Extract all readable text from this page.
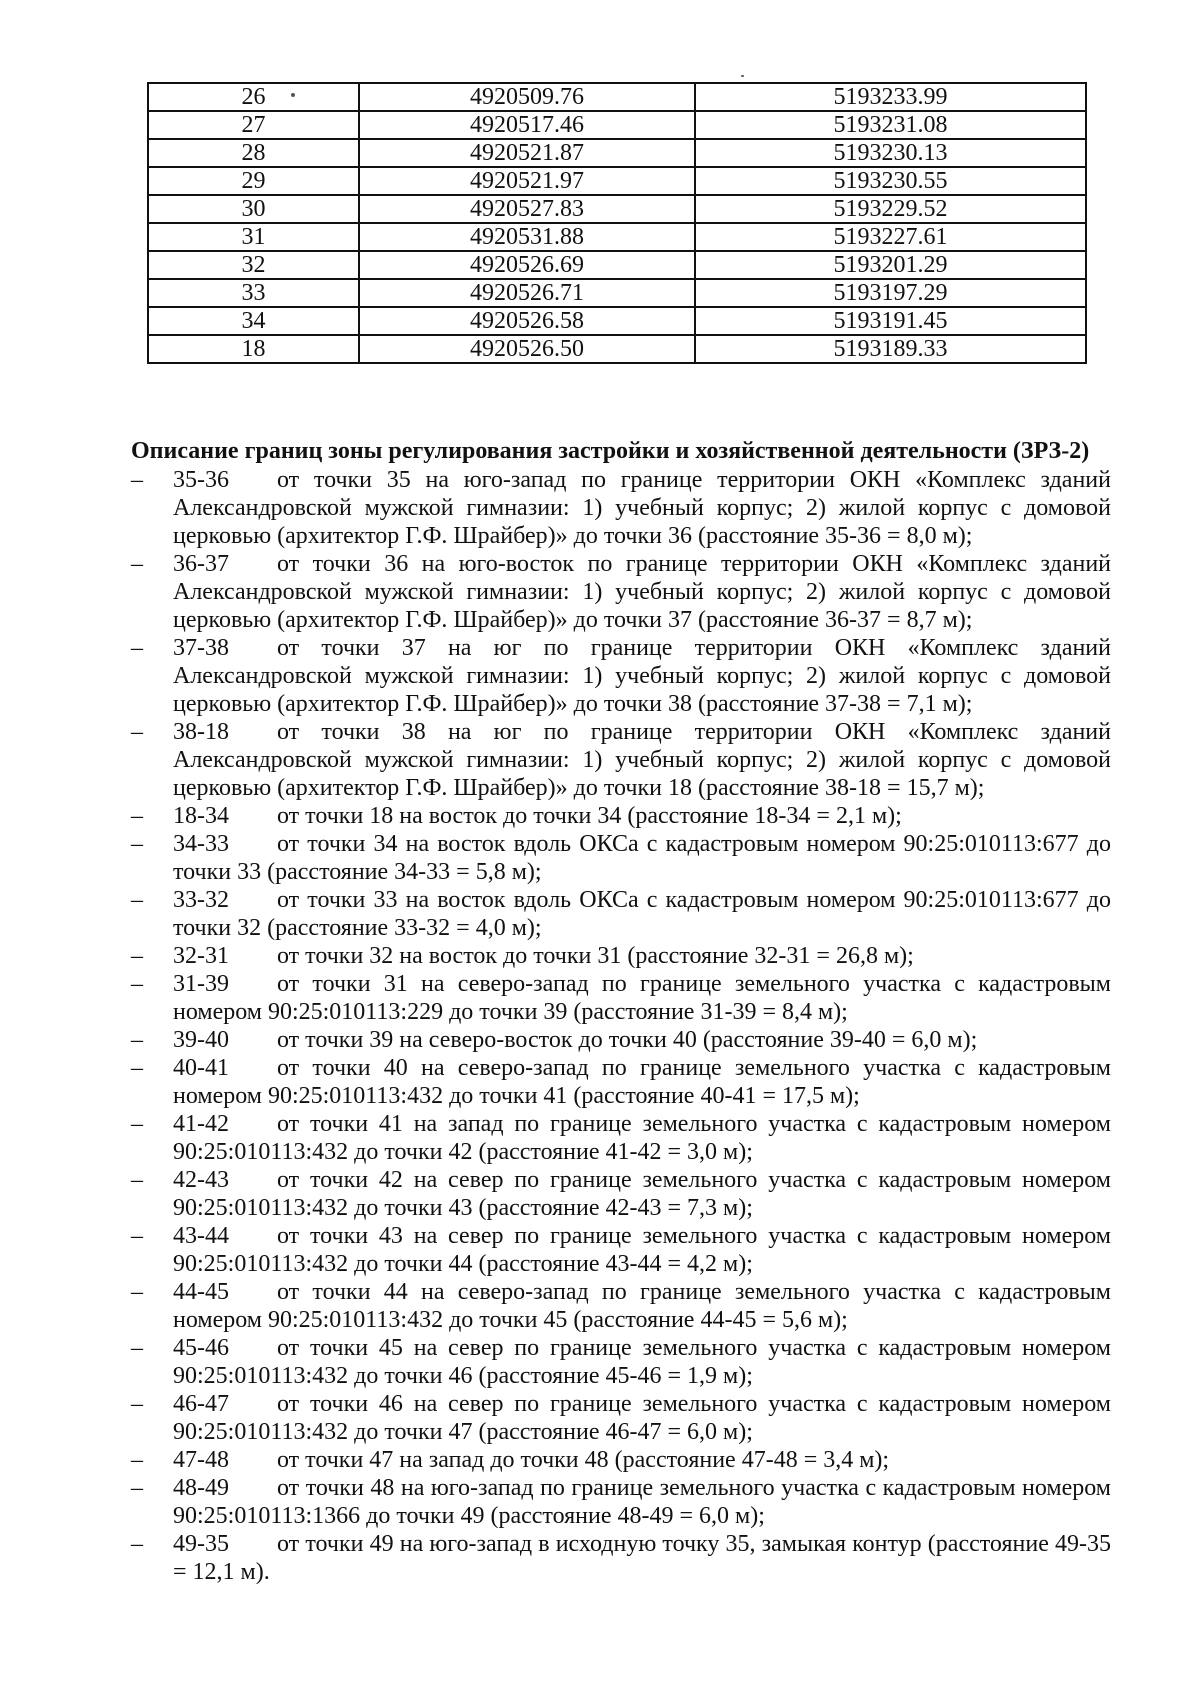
26	4920509.76	5193233.99
27	4920517.46	5193231.08
28	4920521.87	5193230.13
29	4920521.97	5193230.55
30	4920527.83	5193229.52
31	4920531.88	5193227.61
32	4920526.69	5193201.29
33	4920526.71	5193197.29
34	4920526.58	5193191.45
18	4920526.50	5193189.33
Описание границ зоны регулирования застройки и хозяйственной деятельности (ЗРЗ-2)
– 35-36 от точки 35 на юго-запад по границе территории ОКН «Комплекс зданий Александровской мужской гимназии: 1) учебный корпус; 2) жилой корпус с домовой церковью (архитектор Г.Ф. Шрайбер)» до точки 36 (расстояние 35-36 = 8,0 м);
– 36-37 от точки 36 на юго-восток по границе территории ОКН «Комплекс зданий Александровской мужской гимназии: 1) учебный корпус; 2) жилой корпус с домовой церковью (архитектор Г.Ф. Шрайбер)» до точки 37 (расстояние 36-37 = 8,7 м);
– 37-38 от точки 37 на юг по границе территории ОКН «Комплекс зданий Александровской мужской гимназии: 1) учебный корпус; 2) жилой корпус с домовой церковью (архитектор Г.Ф. Шрайбер)» до точки 38 (расстояние 37-38 = 7,1 м);
– 38-18 от точки 38 на юг по границе территории ОКН «Комплекс зданий Александровской мужской гимназии: 1) учебный корпус; 2) жилой корпус с домовой церковью (архитектор Г.Ф. Шрайбер)» до точки 18 (расстояние 38-18 = 15,7 м);
– 18-34 от точки 18 на восток до точки 34 (расстояние 18-34 = 2,1 м);
– 34-33 от точки 34 на восток вдоль ОКСа с кадастровым номером 90:25:010113:677 до точки 33 (расстояние 34-33 = 5,8 м);
– 33-32 от точки 33 на восток вдоль ОКСа с кадастровым номером 90:25:010113:677 до точки 32 (расстояние 33-32 = 4,0 м);
– 32-31 от точки 32 на восток до точки 31 (расстояние 32-31 = 26,8 м);
– 31-39 от точки 31 на северо-запад по границе земельного участка с кадастровым номером 90:25:010113:229 до точки 39 (расстояние 31-39 = 8,4 м);
– 39-40 от точки 39 на северо-восток до точки 40 (расстояние 39-40 = 6,0 м);
– 40-41 от точки 40 на северо-запад по границе земельного участка с кадастровым номером 90:25:010113:432 до точки 41 (расстояние 40-41 = 17,5 м);
– 41-42 от точки 41 на запад по границе земельного участка с кадастровым номером 90:25:010113:432 до точки 42 (расстояние 41-42 = 3,0 м);
– 42-43 от точки 42 на север по границе земельного участка с кадастровым номером 90:25:010113:432 до точки 43 (расстояние 42-43 = 7,3 м);
– 43-44 от точки 43 на север по границе земельного участка с кадастровым номером 90:25:010113:432 до точки 44 (расстояние 43-44 = 4,2 м);
– 44-45 от точки 44 на северо-запад по границе земельного участка с кадастровым номером 90:25:010113:432 до точки 45 (расстояние 44-45 = 5,6 м);
– 45-46 от точки 45 на север по границе земельного участка с кадастровым номером 90:25:010113:432 до точки 46 (расстояние 45-46 = 1,9 м);
– 46-47 от точки 46 на север по границе земельного участка с кадастровым номером 90:25:010113:432 до точки 47 (расстояние 46-47 = 6,0 м);
– 47-48 от точки 47 на запад до точки 48 (расстояние 47-48 = 3,4 м);
– 48-49 от точки 48 на юго-запад по границе земельного участка с кадастровым номером 90:25:010113:1366 до точки 49 (расстояние 48-49 = 6,0 м);
– 49-35 от точки 49 на юго-запад в исходную точку 35, замыкая контур (расстояние 49-35 = 12,1 м).
